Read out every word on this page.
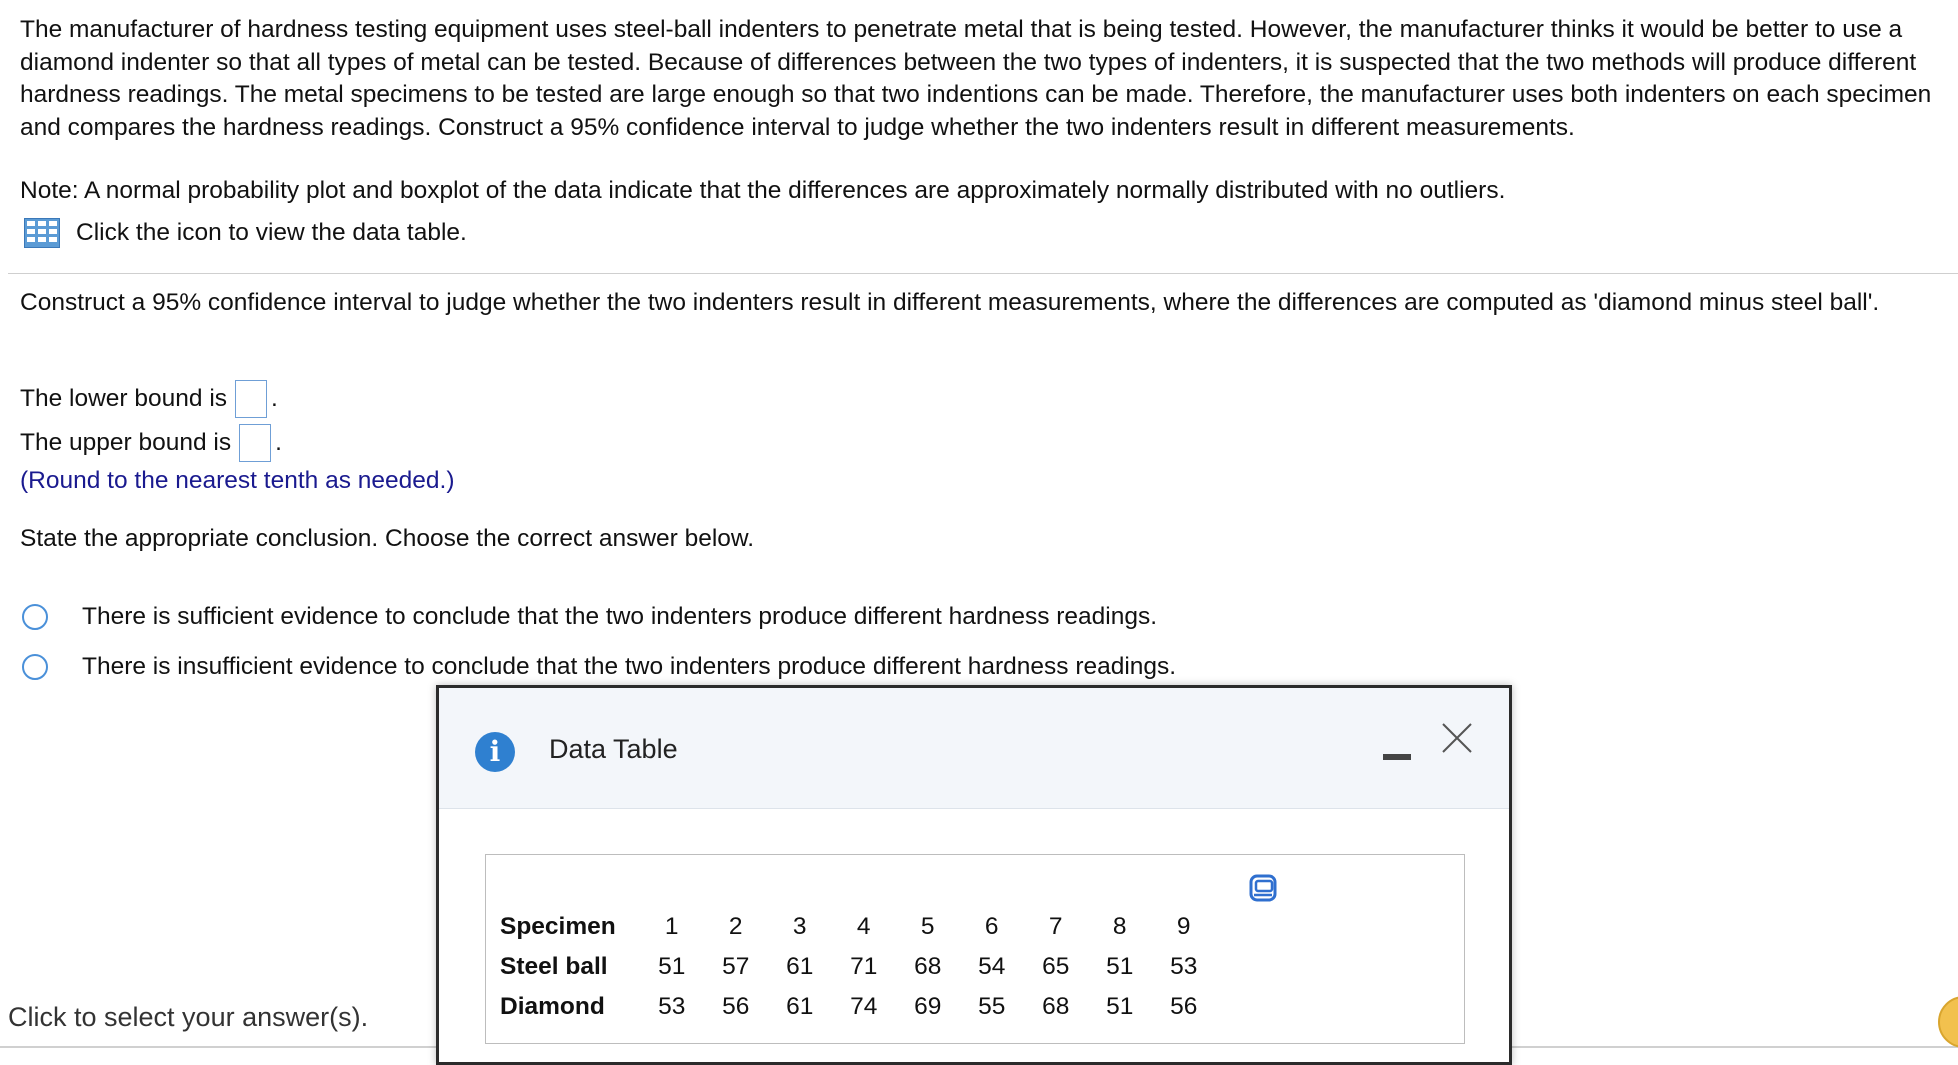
The manufacturer of hardness testing equipment uses steel-ball indenters to penetrate metal that is being tested. However, the manufacturer thinks it would be better to use a diamond indenter so that all types of metal can be tested. Because of differences between the two types of indenters, it is suspected that the two methods will produce different hardness readings. The metal specimens to be tested are large enough so that two indentions can be made. Therefore, the manufacturer uses both indenters on each specimen and compares the hardness readings. Construct a 95% confidence interval to judge whether the two indenters result in different measurements.

Note: A normal probability plot and boxplot of the data indicate that the differences are approximately normally distributed with no outliers.

Click the icon to view the data table.

Construct a 95% confidence interval to judge whether the two indenters result in different measurements, where the differences are computed as 'diamond minus steel ball'.

The lower bound is .
The upper bound is .

(Round to the nearest tenth as needed.)

State the appropriate conclusion. Choose the correct answer below.

There is sufficient evidence to conclude that the two indenters produce different hardness readings.
There is insufficient evidence to conclude that the two indenters produce different hardness readings.
Click to select your answer(s).
i	Data Table
Specimen	1	2	3	4	5	6	7	8	9
Steel ball	51	57	61	71	68	54	65	51	53
Diamond	53	56	61	74	69	55	68	51	56
